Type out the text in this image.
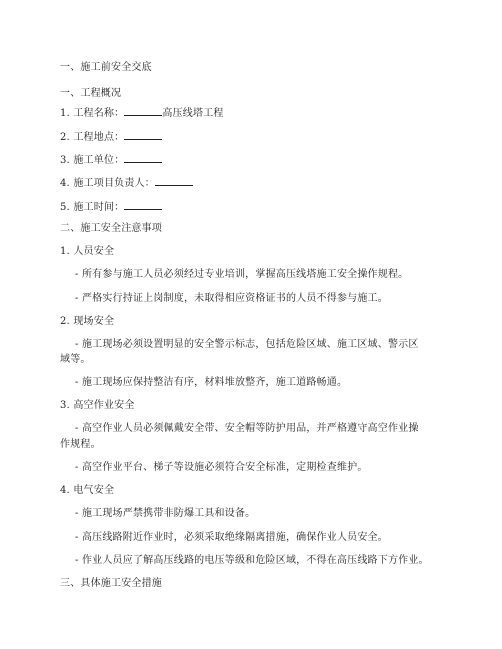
一、施工前安全交底
一、工程概况
1. 工程名称：	高压线塔工程
2. 工程地点：
3. 施工单位：
4. 施工项目负责人：
5. 施工时间：
二、施工安全注意事项
1. 人员安全
- 所有参与施工人员必须经过专业培训，掌握高压线塔施工安全操作规程。
- 严格实行持证上岗制度，未取得相应资格证书的人员不得参与施工。
2. 现场安全
- 施工现场必须设置明显的安全警示标志，包括危险区域、施工区域、警示区
域等。
- 施工现场应保持整洁有序，材料堆放整齐，施工道路畅通。
3. 高空作业安全
- 高空作业人员必须佩戴安全带、安全帽等防护用品，并严格遵守高空作业操
作规程。
- 高空作业平台、梯子等设施必须符合安全标准，定期检查维护。
4. 电气安全
- 施工现场严禁携带非防爆工具和设备。
- 高压线路附近作业时，必须采取绝缘隔离措施，确保作业人员安全。
- 作业人员应了解高压线路的电压等级和危险区域，不得在高压线路下方作业。
三、具体施工安全措施
